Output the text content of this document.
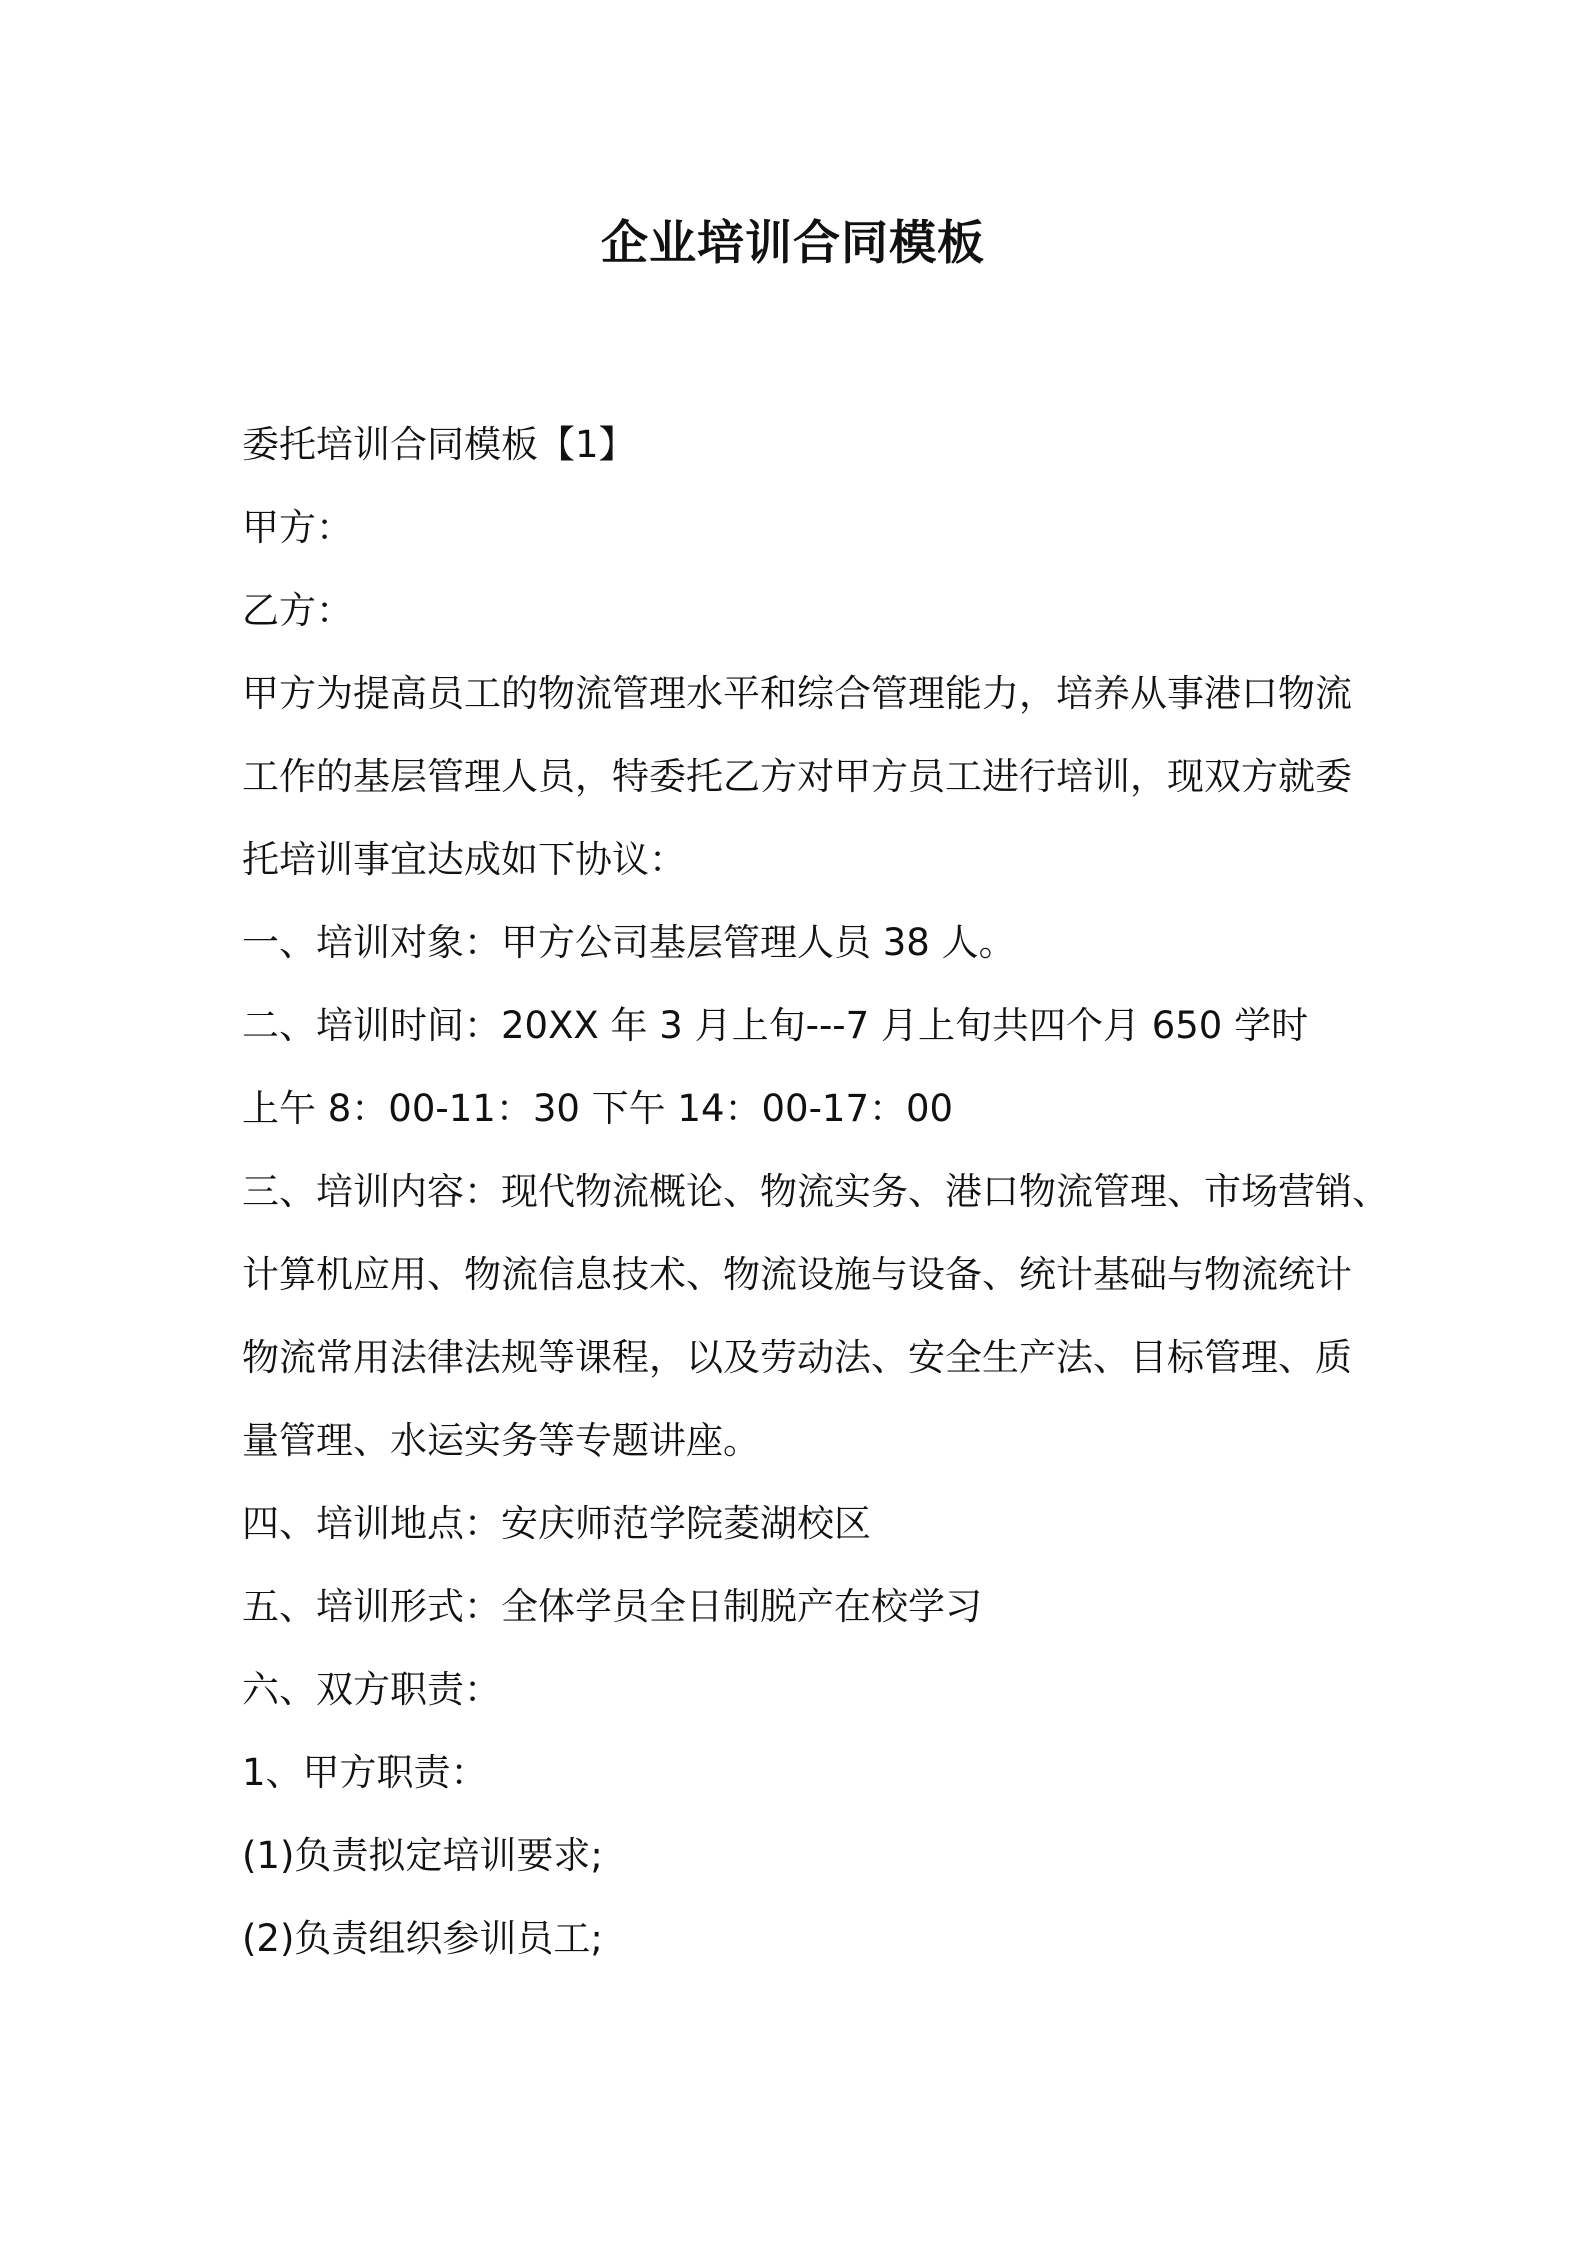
企业培训合同模板
委托培训合同模板【1】
甲方：
乙方：
甲方为提高员工的物流管理水平和综合管理能力，培养从事港口物流
工作的基层管理人员，特委托乙方对甲方员工进行培训，现双方就委
托培训事宜达成如下协议：
一、培训对象：甲方公司基层管理人员 38 人。
二、培训时间：20XX 年 3 月上旬---7 月上旬共四个月 650 学时
上午 8：00-11：30 下午 14：00-17：00
三、培训内容：现代物流概论、物流实务、港口物流管理、市场营销、
计算机应用、物流信息技术、物流设施与设备、统计基础与物流统计
物流常用法律法规等课程，以及劳动法、安全生产法、目标管理、质
量管理、水运实务等专题讲座。
四、培训地点：安庆师范学院菱湖校区
五、培训形式：全体学员全日制脱产在校学习
六、双方职责：
1、甲方职责：
(1)负责拟定培训要求;
(2)负责组织参训员工;
